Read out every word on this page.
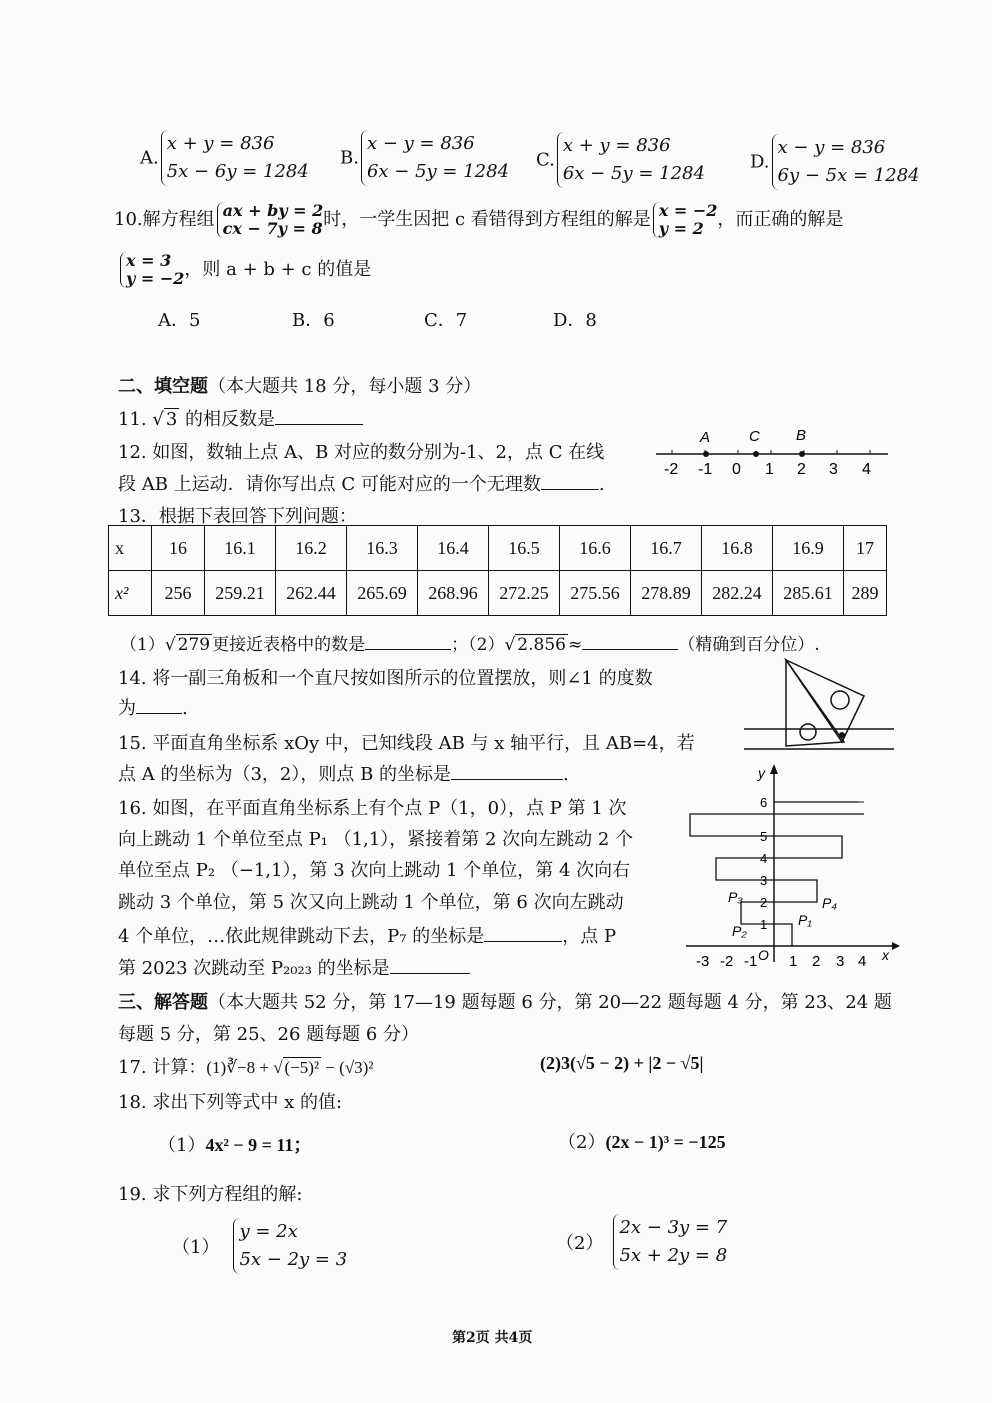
A.x + y = 836
5x − 6y = 1284
B.x − y = 836
6x − 5y = 1284
C.x + y = 836
6x − 5y = 1284
D.x − y = 836
6y − 5x = 1284
10.解方程组 ax + by = 2
cx − 7y = 8时，一学生因把 c 看错得到方程组的解是 x = −2
y = 2 ，而正确的解是
x = 3
y = −2，则 a + b + c 的值是
A．5	B．6	C．7	D．8
二、填空题（本大题共 18 分，每小题 3 分）
11. √ 3 的相反数是
12. 如图，数轴上点 A、B 对应的数分别为-1、2，点 C 在线
段 AB 上运动．请你写出点 C 可能对应的一个无理数	.
A	C B
-2 -1 0 1 2 3 4
13．根据下表回答下列问题：
x	16	16.1	16.2	16.3	16.4	16.5	16.6	16.7	16.8	16.9	17
x²	256	259.21	262.44	265.69	268.96	272.25	275.56	278.89	282.24	285.61	289
（1）√ 279 更接近表格中的数是	；（2）√ 2.856 ≈	（精确到百分位）.
14. 将一副三角板和一个直尺按如图所示的位置摆放，则∠1 的度数
为	.
15. 平面直角坐标系 xOy 中，已知线段 AB 与 x 轴平行，且 AB=4，若
点 A 的坐标为（3，2），则点 B 的坐标是	.
16. 如图，在平面直角坐标系上有个点 P（1，0），点 P 第 1 次
向上跳动 1 个单位至点 P₁ （1,1），紧接着第 2 次向左跳动 2 个
单位至点 P₂ （−1,1），第 3 次向上跳动 1 个单位，第 4 次向右
跳动 3 个单位，第 5 次又向上跳动 1 个单位，第 6 次向左跳动
4 个单位，…依此规律跳动下去，P₇ 的坐标是	，点 P
第 2023 次跳动至 P₂₀₂₃ 的坐标是
1
2
3
4
5
6
-3 -2 -1 1 2 3 4 x
y
O
P₁
P₂
P₃	P₄
三、解答题（本大题共 52 分，第 17—19 题每题 6 分，第 20—22 题每题 4 分，第 23、24 题
每题 5 分，第 25、26 题每题 6 分）
17. 计算：(1)∛−8 + √ (−5)² − (√3)²	(2)3(√5 − 2) + |2 − √5|
18. 求出下列等式中 x 的值:
（1）4x² − 9 = 11；	（2）(2x − 1)³ = −125
19. 求下列方程组的解:
（1）y = 2x
5x − 2y = 3
（2）2x − 3y = 7
5x + 2y = 8
第2页 共4页
